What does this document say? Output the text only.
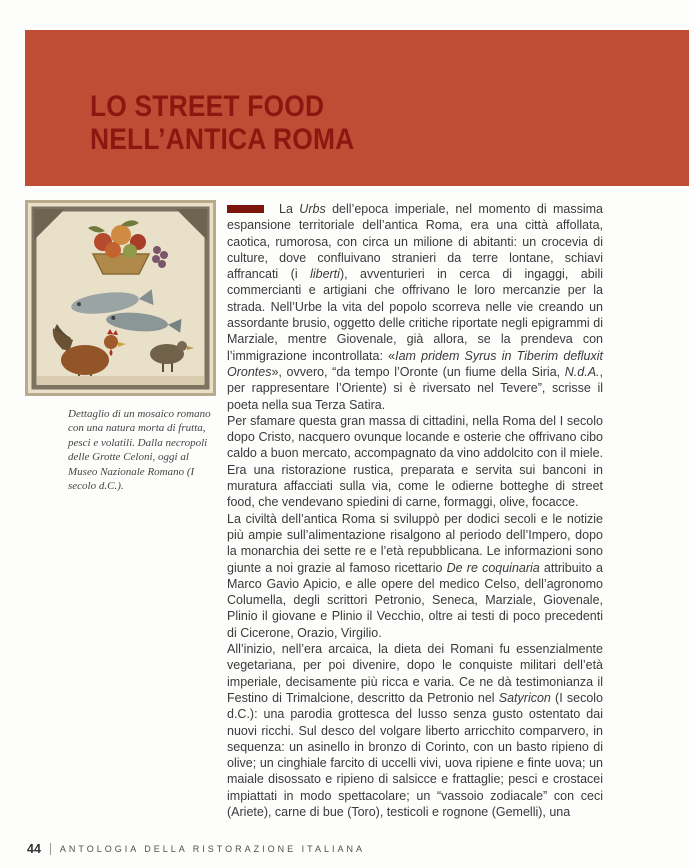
LO STREET FOOD
NELL’ANTICA ROMA
Dettaglio di un mosaico romano con una natura morta di frutta, pesci e volatili. Dalla necropoli delle Grotte Celoni, oggi al Museo Nazionale Romano (I secolo d.C.).

La Urbs dell’epoca imperiale, nel momento di massima espansione territoriale dell’antica Roma, era una città affollata, caotica, rumorosa, con circa un milione di abitanti: un crocevia di culture, dove confluivano stranieri da terre lontane, schiavi affrancati (i liberti), avventurieri in cerca di ingaggi, abili commercianti e artigiani che offrivano le loro mercanzie per la strada. Nell’Urbe la vita del popolo scorreva nelle vie creando un assordante brusio, oggetto delle critiche riportate negli epigrammi di Marziale, mentre Giovenale, già allora, se la prendeva con l’immigrazione incontrollata: «Iam pridem Syrus in Tiberim defluxit Orontes», ovvero, “da tempo l’Oronte (un fiume della Siria, N.d.A., per rappresentare l’Oriente) si è riversato nel Tevere”, scrisse il poeta nella sua Terza Satira.

Per sfamare questa gran massa di cittadini, nella Roma del I secolo dopo Cristo, nacquero ovunque locande e osterie che offrivano cibo caldo a buon mercato, accompagnato da vino addolcito con il miele. Era una ristorazione rustica, preparata e servita sui banconi in muratura affacciati sulla via, come le odierne botteghe di street food, che vendevano spiedini di carne, formaggi, olive, focacce.

La civiltà dell’antica Roma si sviluppò per dodici secoli e le notizie più ampie sull’alimentazione risalgono al periodo dell’Impero, dopo la monarchia dei sette re e l’età repubblicana. Le informazioni sono giunte a noi grazie al famoso ricettario De re coquinaria attribuito a Marco Gavio Apicio, e alle opere del medico Celso, dell’agronomo Columella, degli scrittori Petronio, Seneca, Marziale, Giovenale, Plinio il giovane e Plinio il Vecchio, oltre ai testi di poco precedenti di Cicerone, Orazio, Virgilio.

All’inizio, nell’era arcaica, la dieta dei Romani fu essenzialmente vegetariana, per poi divenire, dopo le conquiste militari dell’età imperiale, decisamente più ricca e varia. Ce ne dà testimonianza il Festino di Trimalcione, descritto da Petronio nel Satyricon (I secolo d.C.): una parodia grottesca del lusso senza gusto ostentato dai nuovi ricchi. Sul desco del volgare liberto arricchito comparvero, in sequenza: un asinello in bronzo di Corinto, con un basto ripieno di olive; un cinghiale farcito di uccelli vivi, uova ripiene e finte uova; un maiale disossato e ripieno di salsicce e frattaglie; pesci e crostacei impiattati in modo spettacolare; un “vassoio zodiacale” con ceci (Ariete), carne di bue (Toro), testicoli e rognone (Gemelli), una

44 ANTOLOGIA DELLA RISTORAZIONE ITALIANA
